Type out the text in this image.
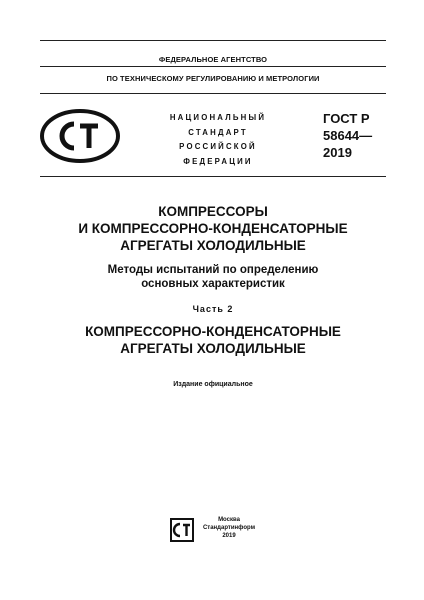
ФЕДЕРАЛЬНОЕ АГЕНТСТВО
ПО ТЕХНИЧЕСКОМУ РЕГУЛИРОВАНИЮ И МЕТРОЛОГИИ
НАЦИОНАЛЬНЫЙ
СТАНДАРТ
РОССИЙСКОЙ
ФЕДЕРАЦИИ
ГОСТ Р
58644—
2019
КОМПРЕССОРЫ
И КОМПРЕССОРНО-КОНДЕНСАТОРНЫЕ
АГРЕГАТЫ ХОЛОДИЛЬНЫЕ
Методы испытаний по определению
основных характеристик
Часть 2
КОМПРЕССОРНО-КОНДЕНСАТОРНЫЕ
АГРЕГАТЫ ХОЛОДИЛЬНЫЕ
Издание официальное
Москва
Стандартинформ
2019
